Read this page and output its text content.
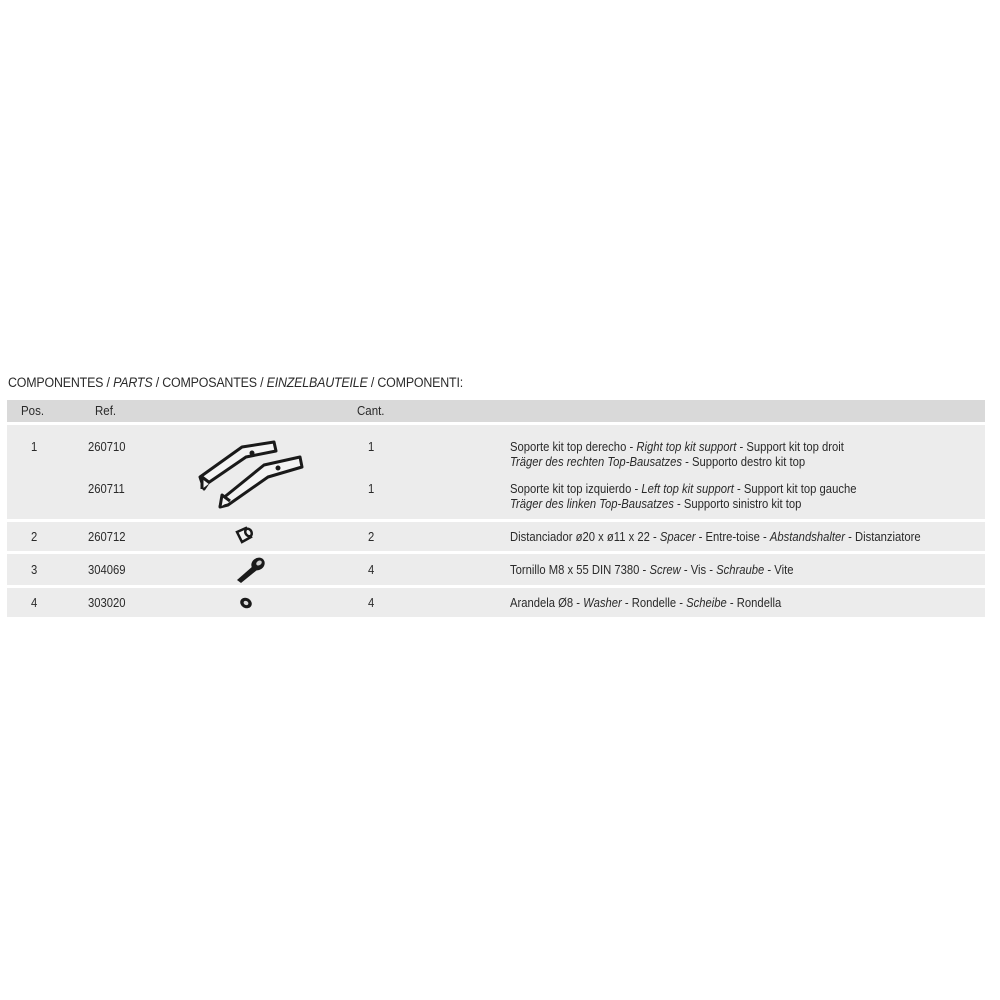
COMPONENTES / PARTS / COMPOSANTES / EINZELBAUTEILE / COMPONENTI:
Pos.	Ref.	Cant.
1	260710	1	Soporte kit top derecho - Right top kit support - Support kit top droit
Träger des rechten Top-Bausatzes - Supporto destro kit top
260711	1	Soporte kit top izquierdo - Left top kit support - Support kit top gauche
Träger des linken Top-Bausatzes - Supporto sinistro kit top
2	260712	2	Distanciador ø20 x ø11 x 22 - Spacer - Entre-toise - Abstandshalter - Distanziatore
3	304069	4	Tornillo M8 x 55 DIN 7380 - Screw - Vis - Schraube - Vite
4	303020	4	Arandela Ø8 - Washer - Rondelle - Scheibe - Rondella
